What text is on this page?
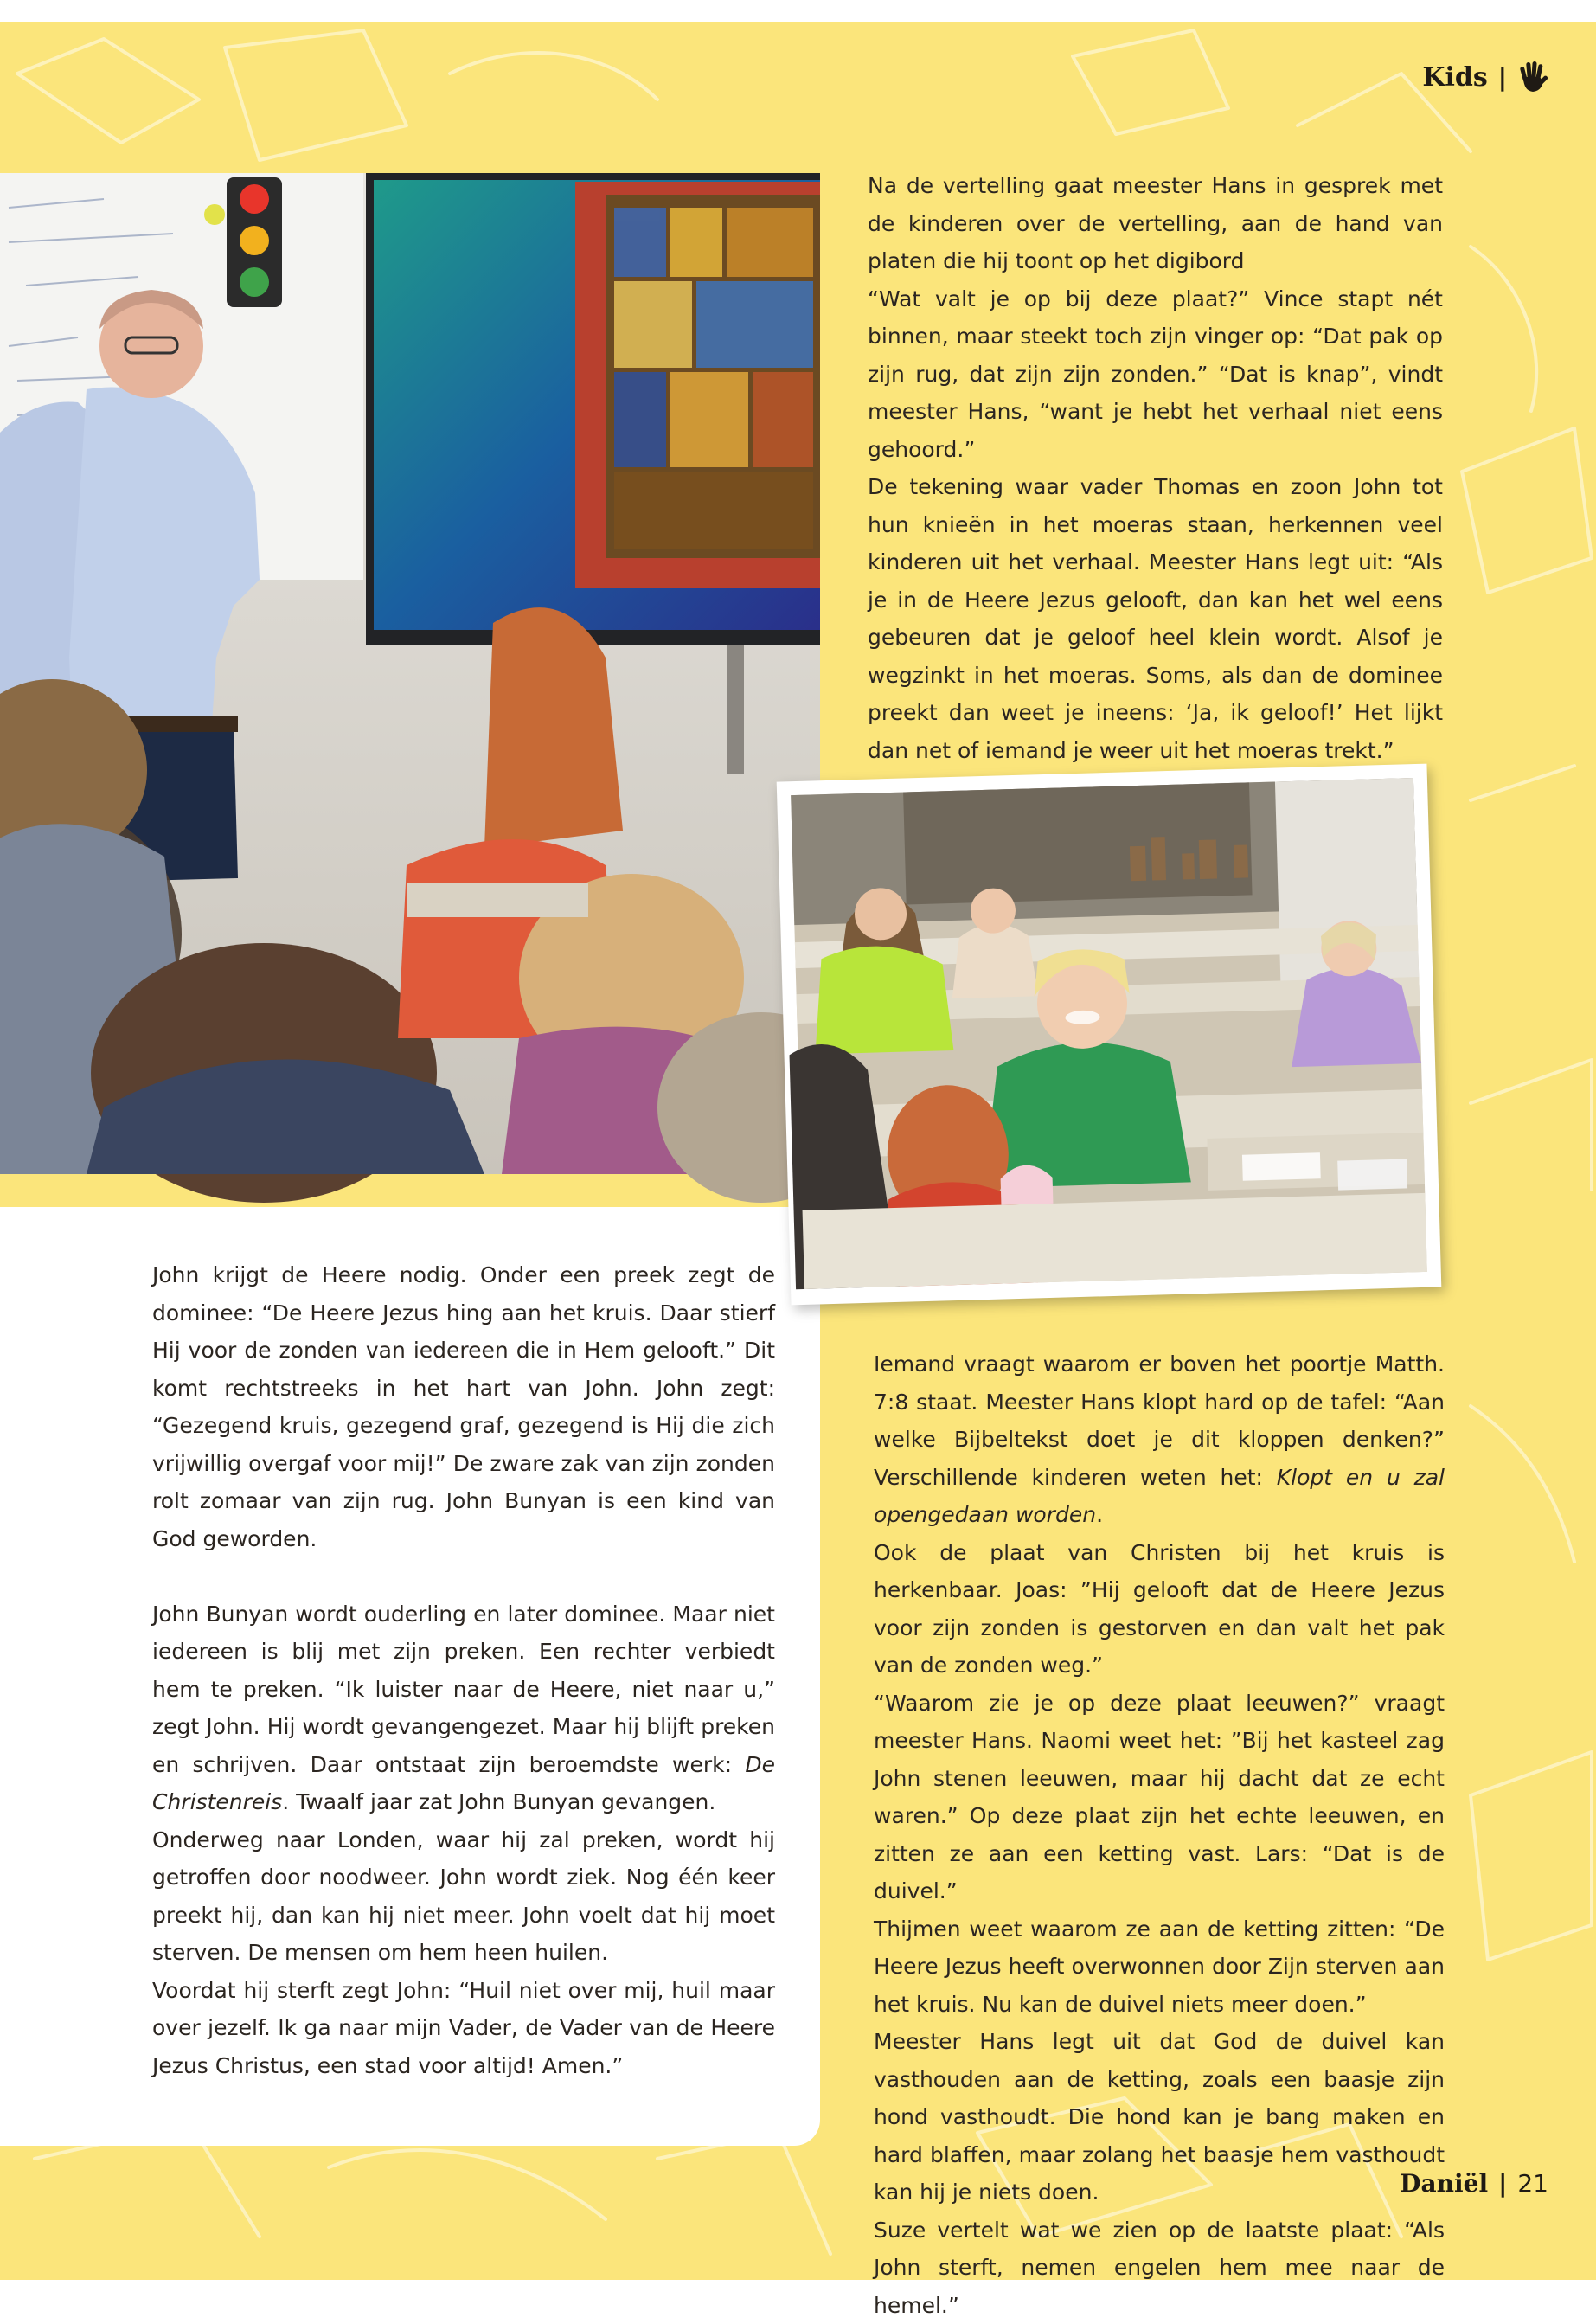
Kids |

Na de vertelling gaat meester Hans in gesprek met de kinderen over de vertelling, aan de hand van platen die hij toont op het digibord

“Wat valt je op bij deze plaat?” Vince stapt nét binnen, maar steekt toch zijn vinger op: “Dat pak op zijn rug, dat zijn zijn zonden.” “Dat is knap”, vindt meester Hans, “want je hebt het verhaal niet eens gehoord.”

De tekening waar vader Thomas en zoon John tot hun knieën in het moeras staan, herkennen veel kinderen uit het verhaal. Meester Hans legt uit: “Als je in de Heere Jezus gelooft, dan kan het wel eens gebeuren dat je geloof heel klein wordt. Alsof je wegzinkt in het moeras. Soms, als dan de dominee preekt dan weet je ineens: ‘Ja, ik geloof!’ Het lijkt dan net of iemand je weer uit het moeras trekt.”

John krijgt de Heere nodig. Onder een preek zegt de dominee: “De Heere Jezus hing aan het kruis. Daar stierf Hij voor de zonden van iedereen die in Hem gelooft.” Dit komt rechtstreeks in het hart van John. John zegt: “Gezegend kruis, gezegend graf, gezegend is Hij die zich vrijwillig overgaf voor mij!” De zware zak van zijn zonden rolt zomaar van zijn rug. John Bunyan is een kind van God geworden.

John Bunyan wordt ouderling en later dominee. Maar niet iedereen is blij met zijn preken. Een rechter verbiedt hem te preken. “Ik luister naar de Heere, niet naar u,” zegt John. Hij wordt gevangengezet. Maar hij blijft preken en schrijven. Daar ontstaat zijn beroemdste werk: De Christenreis. Twaalf jaar zat John Bunyan gevangen.

Onderweg naar Londen, waar hij zal preken, wordt hij getroffen door noodweer. John wordt ziek. Nog één keer preekt hij, dan kan hij niet meer. John voelt dat hij moet sterven. De mensen om hem heen huilen.

Voordat hij sterft zegt John: “Huil niet over mij, huil maar over jezelf. Ik ga naar mijn Vader, de Vader van de Heere Jezus Christus, een stad voor altijd! Amen.”

Iemand vraagt waarom er boven het poortje Matth. 7:8 staat. Meester Hans klopt hard op de tafel: “Aan welke Bijbeltekst doet je dit kloppen denken?” Verschillende kinderen weten het: Klopt en u zal opengedaan worden.

Ook de plaat van Christen bij het kruis is herkenbaar. Joas: ”Hij gelooft dat de Heere Jezus voor zijn zonden is gestorven en dan valt het pak van de zonden weg.”

“Waarom zie je op deze plaat leeuwen?” vraagt meester Hans. Naomi weet het: ”Bij het kasteel zag John stenen leeuwen, maar hij dacht dat ze echt waren.” Op deze plaat zijn het echte leeuwen, en zitten ze aan een ketting vast. Lars: “Dat is de duivel.”

Thijmen weet waarom ze aan de ketting zitten: “De Heere Jezus heeft overwonnen door Zijn sterven aan het kruis. Nu kan de duivel niets meer doen.”

Meester Hans legt uit dat God de duivel kan vasthouden aan de ketting, zoals een baasje zijn hond vasthoudt. Die hond kan je bang maken en hard blaffen, maar zolang het baasje hem vasthoudt kan hij je niets doen.

Suze vertelt wat we zien op de laatste plaat: “Als John sterft, nemen engelen hem mee naar de hemel.”

Daniël | 21
